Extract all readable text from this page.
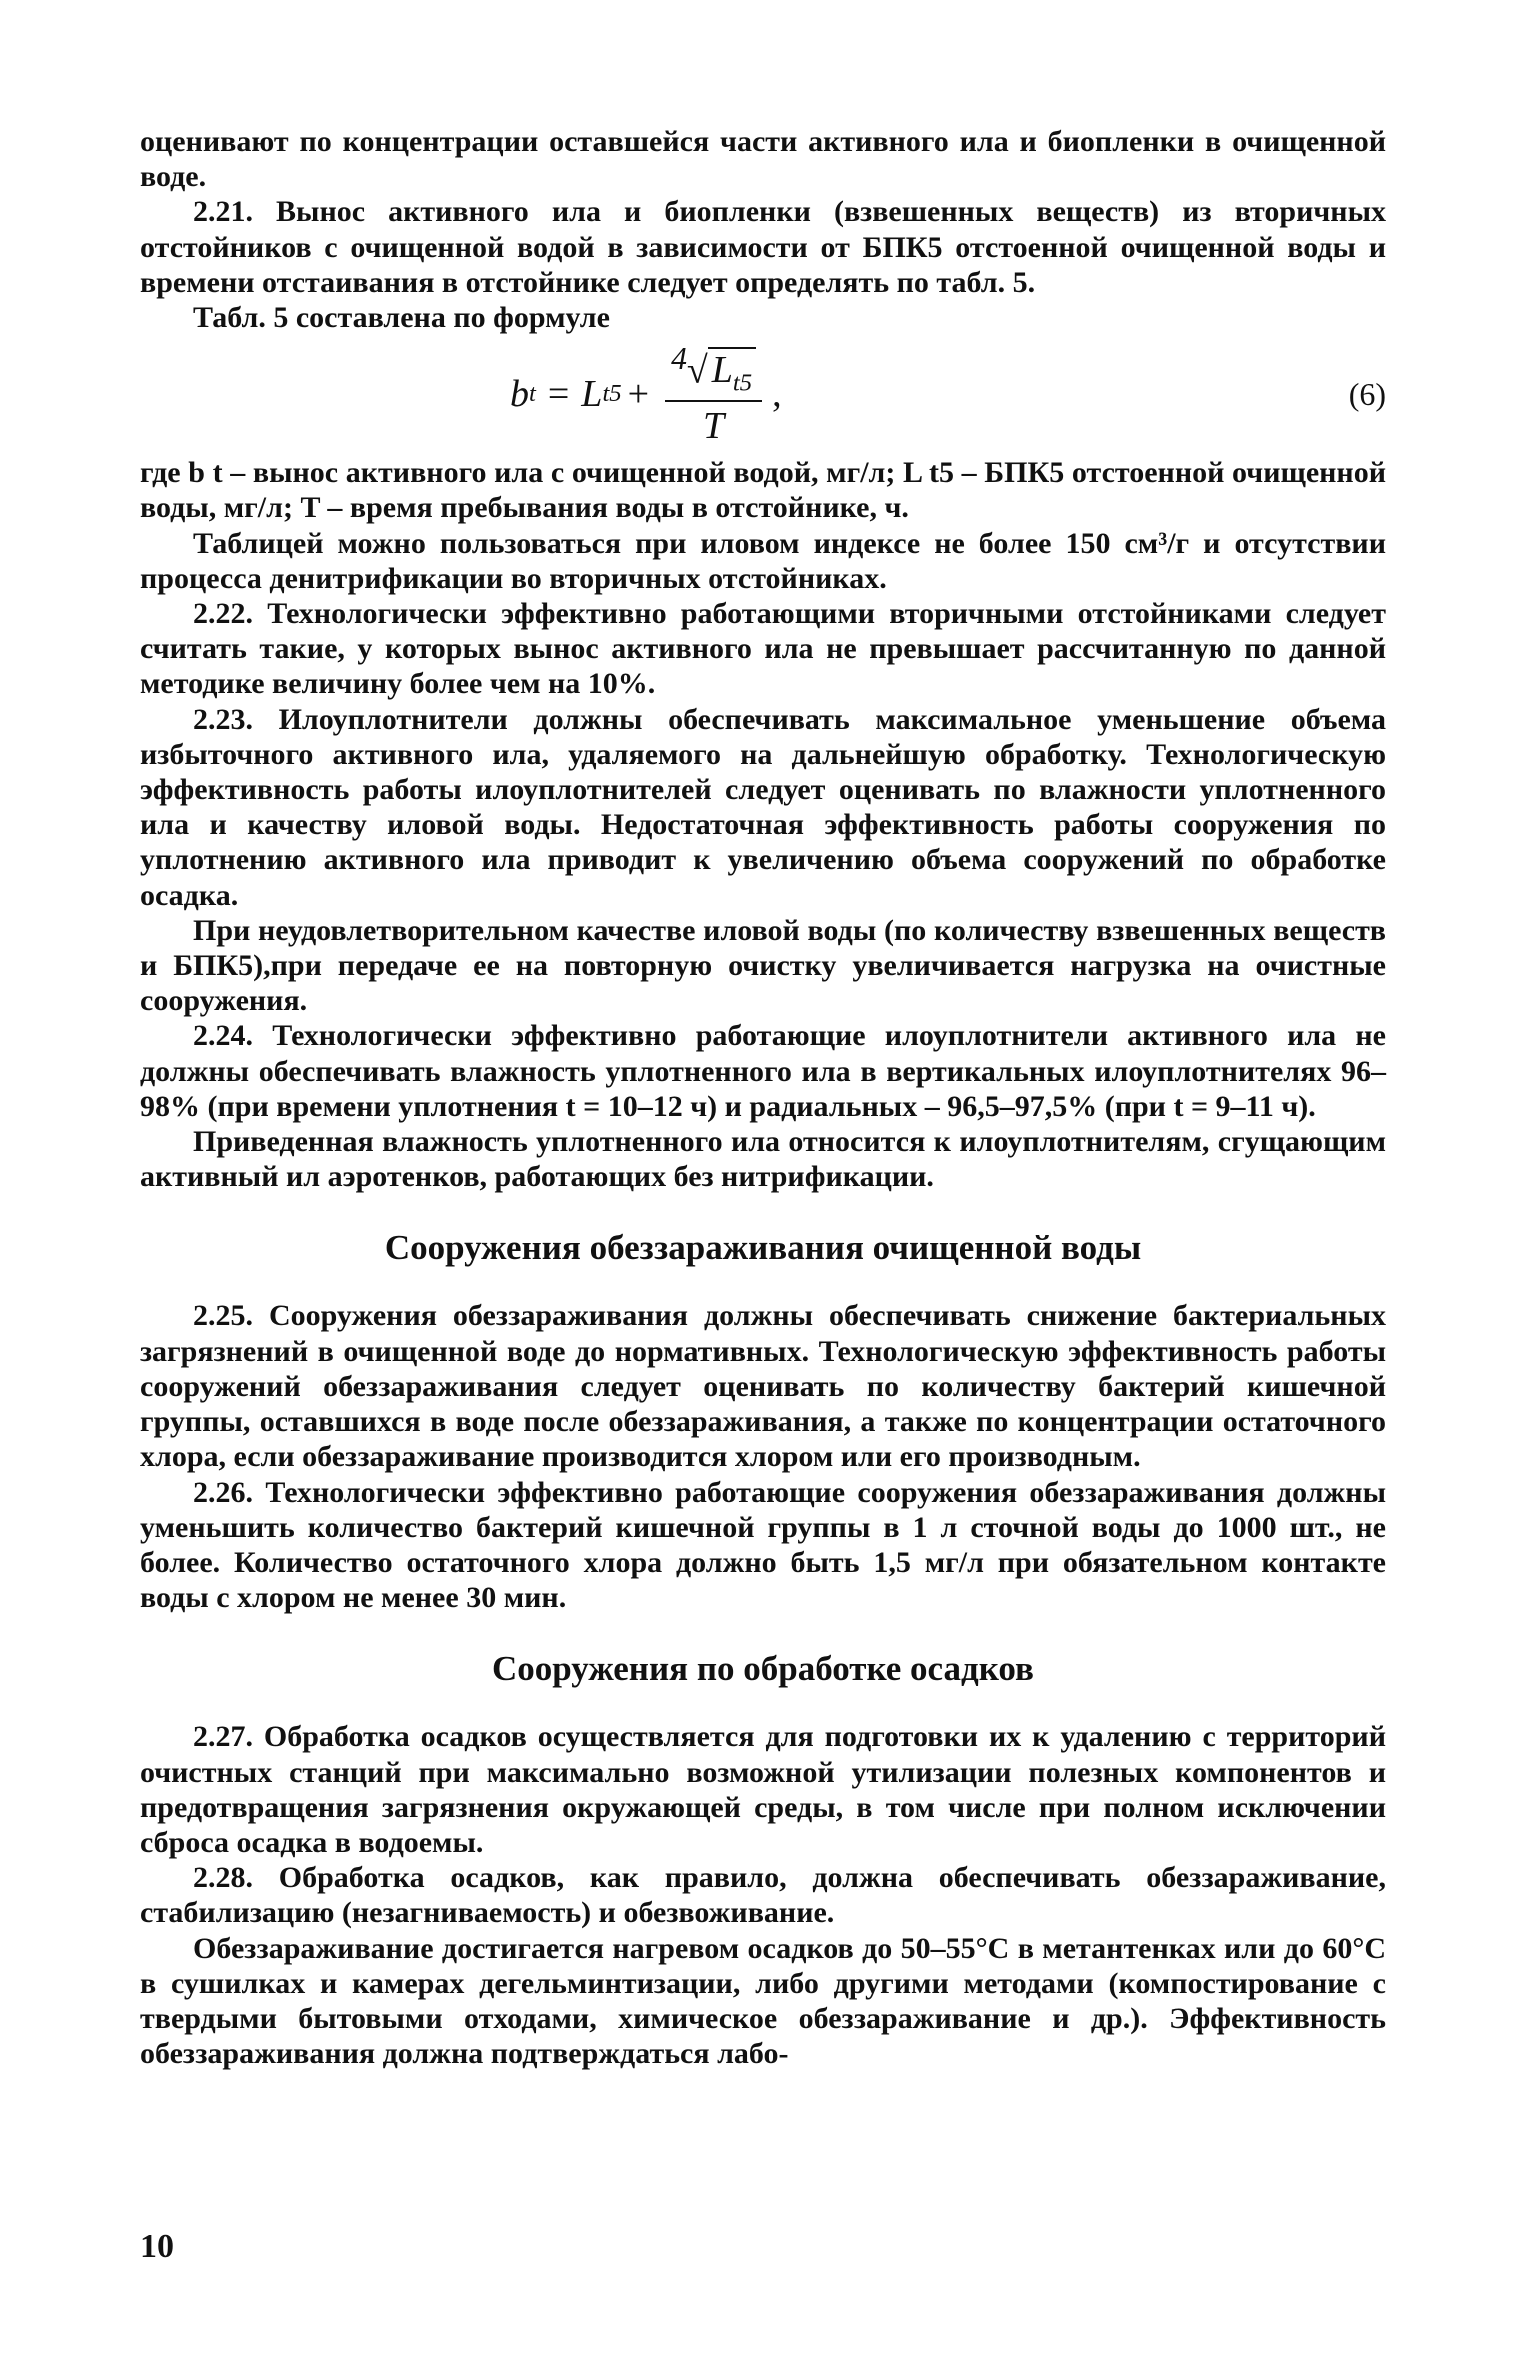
оценивают по концентрации оставшейся части активного ила и биопленки в очищенной воде.

2.21. Вынос активного ила и биопленки (взвешенных веществ) из вторичных отстойников с очищенной водой в зависимости от БПК5 отстоенной очищенной воды и времени отстаивания в отстойнике следует определять по табл. 5.

Табл. 5 составлена по формуле

b t = L $t5 + \frac{^4√ L_{t5}}{T}$ ,	(6)

где b t – вынос активного ила с очищенной водой, мг/л; L t5 – БПК5 отстоенной очищенной воды, мг/л; T – время пребывания воды в отстойнике, ч.

Таблицей можно пользоваться при иловом индексе не более 150 см³/г и отсутствии процесса денитрификации во вторичных отстойниках.

2.22. Технологически эффективно работающими вторичными отстойниками следует считать такие, у которых вынос активного ила не превышает рассчитанную по данной методике величину более чем на 10%.

2.23. Илоуплотнители должны обеспечивать максимальное уменьшение объема избыточного активного ила, удаляемого на дальнейшую обработку. Технологическую эффективность работы илоуплотнителей следует оценивать по влажности уплотненного ила и качеству иловой воды. Недостаточная эффективность работы сооружения по уплотнению активного ила приводит к увеличению объема сооружений по обработке осадка.

При неудовлетворительном качестве иловой воды (по количеству взвешенных веществ и БПК5),при передаче ее на повторную очистку увеличивается нагрузка на очистные сооружения.

2.24. Технологически эффективно работающие илоуплотнители активного ила не должны обеспечивать влажность уплотненного ила в вертикальных илоуплотнителях 96–98% (при времени уплотнения t = 10–12 ч) и радиальных – 96,5–97,5% (при t = 9–11 ч).

Приведенная влажность уплотненного ила относится к илоуплотнителям, сгущающим активный ил аэротенков, работающих без нитрификации.

Сооружения обеззараживания очищенной воды

2.25. Сооружения обеззараживания должны обеспечивать снижение бактериальных загрязнений в очищенной воде до нормативных. Технологическую эффективность работы сооружений обеззараживания следует оценивать по количеству бактерий кишечной группы, оставшихся в воде после обеззараживания, а также по концентрации остаточного хлора, если обеззараживание производится хлором или его производным.

2.26. Технологически эффективно работающие сооружения обеззараживания должны уменьшить количество бактерий кишечной группы в 1 л сточной воды до 1000 шт., не более. Количество остаточного хлора должно быть 1,5 мг/л при обязательном контакте воды с хлором не менее 30 мин.

Сооружения по обработке осадков

2.27. Обработка осадков осуществляется для подготовки их к удалению с территорий очистных станций при максимально возможной утилизации полезных компонентов и предотвращения загрязнения окружающей среды, в том числе при полном исключении сброса осадка в водоемы.

2.28. Обработка осадков, как правило, должна обеспечивать обеззараживание, стабилизацию (незагниваемость) и обезвоживание.

Обеззараживание достигается нагревом осадков до 50–55°С в метантенках или до 60°С в сушилках и камерах дегельминтизации, либо другими методами (компостирование с твердыми бытовыми отходами, химическое обеззараживание и др.). Эффективность обеззараживания должна подтверждаться лабо-

10
